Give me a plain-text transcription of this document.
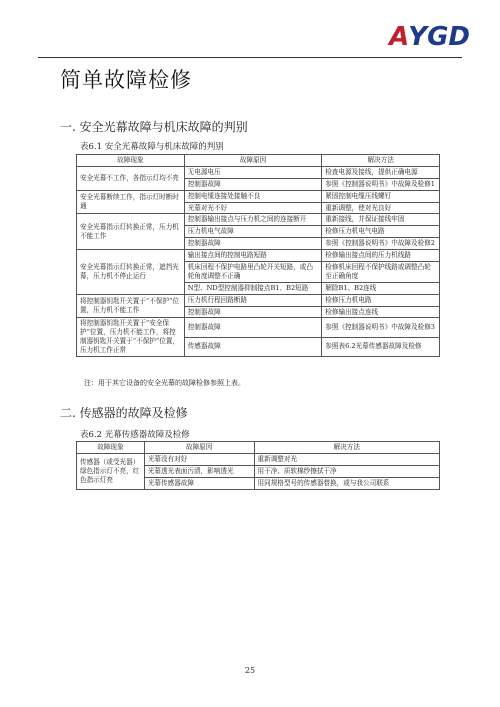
A YGD
简单故障检修
一. 安全光幕故障与机床故障的判别
表6.1 安全光幕故障与机床故障的判别
故障现象	故障原因	解决方法
安全光幕不工作，各指示灯均不亮	无电源电压	检查电源及接线，提供正确电源
	控制器故障	参照《控制器说明书》中故障及检修1
安全光幕断续工作，指示灯时断时通	控制电缆连接处接触不良	紧固控制电缆压线螺钉
	光幕对光不好	重新调整，使对光良好
安全光幕指示灯转换正常，压力机不能工作	控制器输出接点与压力机之间的连接断开	重新接线，并保证接线牢固
	压力机电气故障	检修压力机电气电路
	控制器故障	参照《控制器说明书》中故障及检修2
安全光幕指示灯转换正常，遮挡光幕，压力机不停止运行	输出接点间的控制电路短路	检修输出接点间的压力机线路
	机床回程不保护电路里凸轮开关短路，或凸轮角度调整不正确	检修机床回程不保护线路或调整凸轮至正确角度
	N型、ND型控制器抑制接点B1、B2短路	解除B1、B2连线
将控制器钥匙开关置于“不保护”位置，压力机不能工作	压力机行程回路断路	检修压力机电路
	控制器故障	检修输出接点连线
将控制器钥匙开关置于“安全保护”位置，压力机不能工作，将控制器钥匙开关置于“不保护”位置，压力机工作正常	控制器故障	参照《控制器说明书》中故障及检修3
	传感器故障	参照表6.2光幕传感器故障及检修
注：用于其它设备的安全光幕的故障检修参照上表。
二. 传感器的故障及检修
表6.2 光幕传感器故障及检修
故障现象	故障原因	解决方法
传感器（或受光器）绿色指示灯不亮，红色指示灯亮	光幕没有对好	重新调整对光
	光幕透光表面污渍，影响透光	用干净、质软棉纱擦拭干净
	光幕传感器故障	用同规格型号的传感器替换，或与我公司联系
25
